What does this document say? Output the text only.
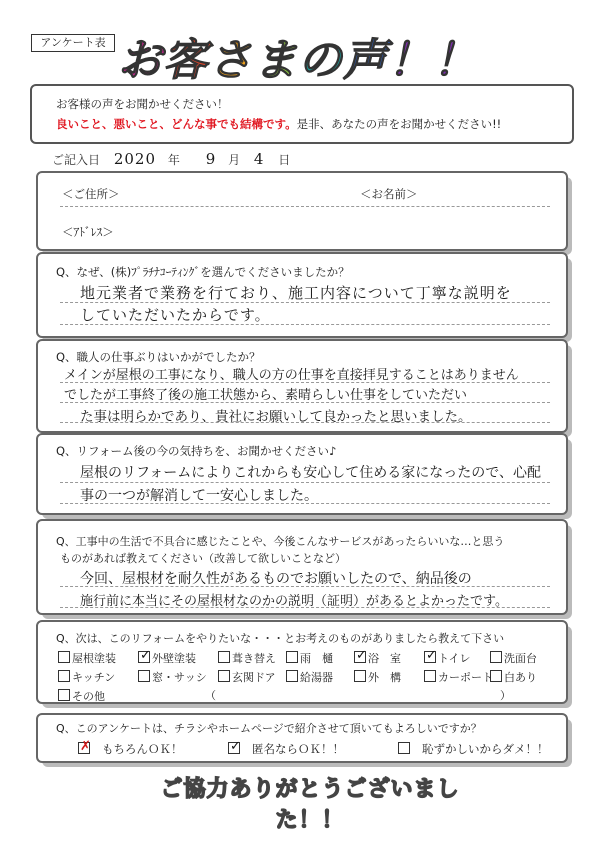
アンケート表 お客さまの声！！
お客様の声をお聞かせください！
良いこと、悪いこと、どんな事でも結構です。是非、あなたの声をお聞かせください!!
ご記入日 2020 年 9 月 4 日
＜ご住所＞	＜お名前＞
＜ｱﾄﾞﾚｽ＞
Q、なぜ、(株)ﾌﾟﾗﾁﾅｺｰﾃｨﾝｸﾞを選んでくださいましたか？
地元業者で業務を行ており、施工内容について丁寧な説明を
していただいたからです。
Q、職人の仕事ぶりはいかがでしたか？
メインが屋根の工事になり、職人の方の仕事を直接拝見することはありません
でしたが工事終了後の施工状態から、素晴らしい仕事をしていただい
た事は明らかであり、貴社にお願いして良かったと思いました。
Q、リフォーム後の今の気持ちを、お聞かせください♪
屋根のリフォームによりこれからも安心して住める家になったので、心配
事の一つが解消して一安心しました。
Q、工事中の生活で不具合に感じたことや、今後こんなサービスがあったらいいな…と思う
ものがあれば教えてください（改善して欲しいことなど）
今回、屋根材を耐久性があるものでお願いしたので、納品後の
施行前に本当にその屋根材なのかの説明（証明）があるとよかったです。
Q、次は、このリフォームをやりたいな・・・とお考えのものがありましたら教えて下さい
屋根塗装 ✓ 外壁塗装	葺き替え	雨　樋 ✓ 浴　室 ✓ トイレ	洗面台
キッチン	窓・サッシ	玄関ドア	給湯器	外　構	カーポート	白あり
その他	（	）
Q、このアンケートは、チラシやホームページで紹介させて頂いてもよろしいですか？
✗ もちろんＯＫ！	✓ 匿名ならＯＫ！！	恥ずかしいからダメ！！
ご協力ありがとうございました！！
